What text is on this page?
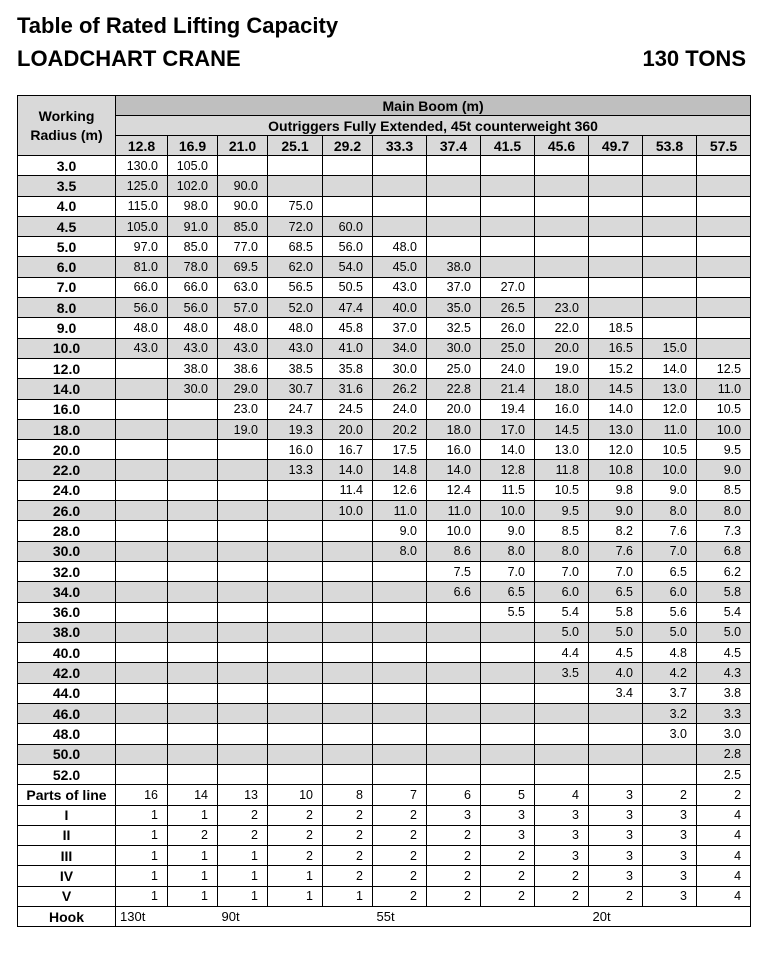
Table of Rated Lifting Capacity
LOADCHART CRANE	130 TONS
Working Radius (m)	Main Boom (m)											
	Outriggers Fully Extended, 45t counterweight 360											
	12.8	16.9	21.0	25.1	29.2	33.3	37.4	41.5	45.6	49.7	53.8	57.5
3.0	130.0	105.0										
3.5	125.0	102.0	90.0									
4.0	115.0	98.0	90.0	75.0								
4.5	105.0	91.0	85.0	72.0	60.0							
5.0	97.0	85.0	77.0	68.5	56.0	48.0						
6.0	81.0	78.0	69.5	62.0	54.0	45.0	38.0					
7.0	66.0	66.0	63.0	56.5	50.5	43.0	37.0	27.0				
8.0	56.0	56.0	57.0	52.0	47.4	40.0	35.0	26.5	23.0			
9.0	48.0	48.0	48.0	48.0	45.8	37.0	32.5	26.0	22.0	18.5		
10.0	43.0	43.0	43.0	43.0	41.0	34.0	30.0	25.0	20.0	16.5	15.0	
12.0		38.0	38.6	38.5	35.8	30.0	25.0	24.0	19.0	15.2	14.0	12.5
14.0		30.0	29.0	30.7	31.6	26.2	22.8	21.4	18.0	14.5	13.0	11.0
16.0			23.0	24.7	24.5	24.0	20.0	19.4	16.0	14.0	12.0	10.5
18.0			19.0	19.3	20.0	20.2	18.0	17.0	14.5	13.0	11.0	10.0
20.0				16.0	16.7	17.5	16.0	14.0	13.0	12.0	10.5	9.5
22.0				13.3	14.0	14.8	14.0	12.8	11.8	10.8	10.0	9.0
24.0					11.4	12.6	12.4	11.5	10.5	9.8	9.0	8.5
26.0					10.0	11.0	11.0	10.0	9.5	9.0	8.0	8.0
28.0						9.0	10.0	9.0	8.5	8.2	7.6	7.3
30.0						8.0	8.6	8.0	8.0	7.6	7.0	6.8
32.0							7.5	7.0	7.0	7.0	6.5	6.2
34.0							6.6	6.5	6.0	6.5	6.0	5.8
36.0								5.5	5.4	5.8	5.6	5.4
38.0									5.0	5.0	5.0	5.0
40.0									4.4	4.5	4.8	4.5
42.0									3.5	4.0	4.2	4.3
44.0										3.4	3.7	3.8
46.0											3.2	3.3
48.0											3.0	3.0
50.0												2.8
52.0												2.5
Parts of line	16	14	13	10	8	7	6	5	4	3	2	2
I	1	1	2	2	2	2	3	3	3	3	3	4
II	1	2	2	2	2	2	2	3	3	3	3	4
III	1	1	1	2	2	2	2	2	3	3	3	4
IV	1	1	1	1	2	2	2	2	2	3	3	4
V	1	1	1	1	1	2	2	2	2	2	3	4
Hook	130t		90t			55t				20t		
